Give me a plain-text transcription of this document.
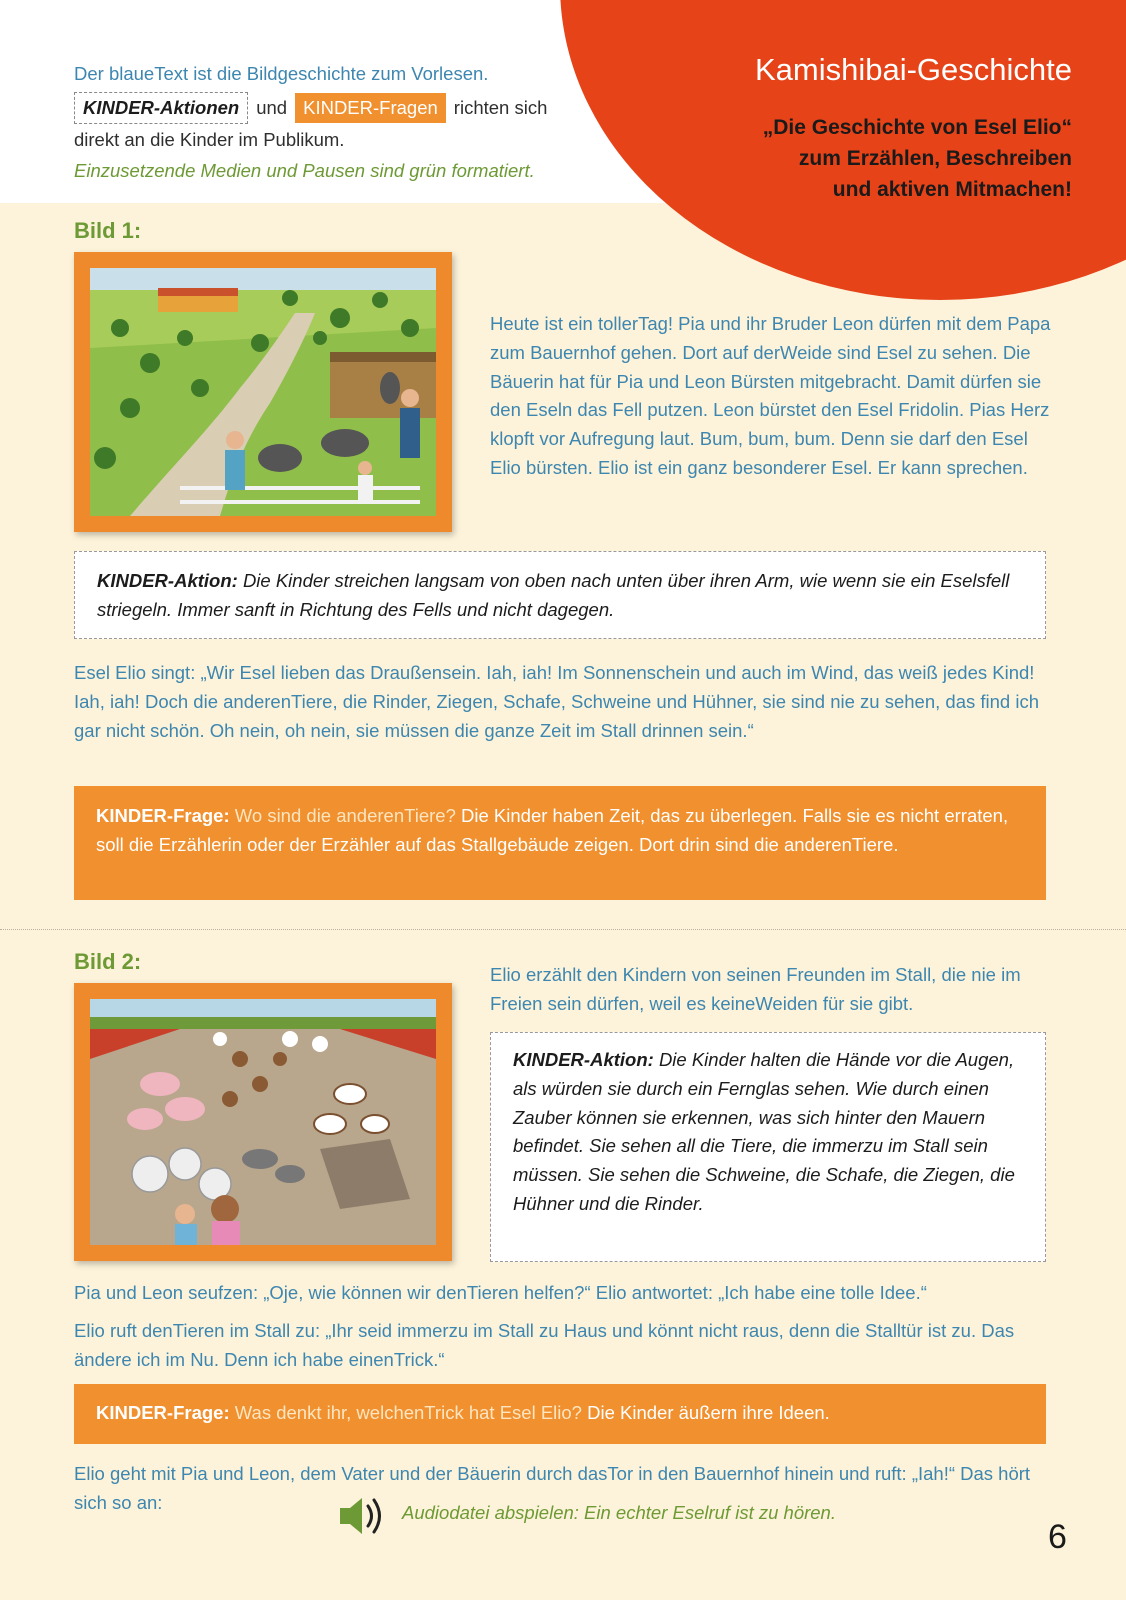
Der blaueText ist die Bildgeschichte zum Vorlesen.
KINDER-Aktionen und KINDER-Fragen richten sich
direkt an die Kinder im Publikum.
Einzusetzende Medien und Pausen sind grün formatiert.
Kamishibai-Geschichte
„Die Geschichte von Esel Elio“
zum Erzählen, Beschreiben
und aktiven Mitmachen!
Bild 1:
Heute ist ein tollerTag! Pia und ihr Bruder Leon dürfen mit dem Papa zum Bauernhof gehen. Dort auf derWeide sind Esel zu sehen. Die Bäuerin hat für Pia und Leon Bürsten mitgebracht. Damit dürfen sie den Eseln das Fell putzen. Leon bürstet den Esel Fridolin. Pias Herz klopft vor Aufregung laut. Bum, bum, bum. Denn sie darf den Esel Elio bürsten. Elio ist ein ganz besonderer Esel. Er kann sprechen.
KINDER-Aktion: Die Kinder streichen langsam von oben nach unten über ihren Arm, wie wenn sie ein Eselsfell striegeln. Immer sanft in Richtung des Fells und nicht dagegen.
Esel Elio singt: „Wir Esel lieben das Draußensein. Iah, iah! Im Sonnenschein und auch im Wind, das weiß jedes Kind! Iah, iah! Doch die anderenTiere, die Rinder, Ziegen, Schafe, Schweine und Hühner, sie sind nie zu sehen, das find ich gar nicht schön. Oh nein, oh nein, sie müssen die ganze Zeit im Stall drinnen sein.“
KINDER-Frage: Wo sind die anderenTiere? Die Kinder haben Zeit, das zu überlegen. Falls sie es nicht erraten, soll die Erzählerin oder der Erzähler auf das Stallgebäude zeigen. Dort drin sind die anderenTiere.
Bild 2:
Elio erzählt den Kindern von seinen Freunden im Stall, die nie im Freien sein dürfen, weil es keineWeiden für sie gibt.
KINDER-Aktion: Die Kinder halten die Hände vor die Augen, als würden sie durch ein Fernglas sehen. Wie durch einen Zauber können sie erkennen, was sich hinter den Mauern befindet. Sie sehen all die Tiere, die immerzu im Stall sein müssen. Sie sehen die Schweine, die Schafe, die Ziegen, die Hühner und die Rinder.
Pia und Leon seufzen: „Oje, wie können wir denTieren helfen?“ Elio antwortet: „Ich habe eine tolle Idee.“
Elio ruft denTieren im Stall zu: „Ihr seid immerzu im Stall zu Haus und könnt nicht raus, denn die Stalltür ist zu. Das ändere ich im Nu. Denn ich habe einenTrick.“
KINDER-Frage: Was denkt ihr, welchenTrick hat Esel Elio? Die Kinder äußern ihre Ideen.
Elio geht mit Pia und Leon, dem Vater und der Bäuerin durch dasTor in den Bauernhof hinein und ruft: „Iah!“ Das hört sich so an:	Audiodatei abspielen: Ein echter Eselruf ist zu hören.
6
